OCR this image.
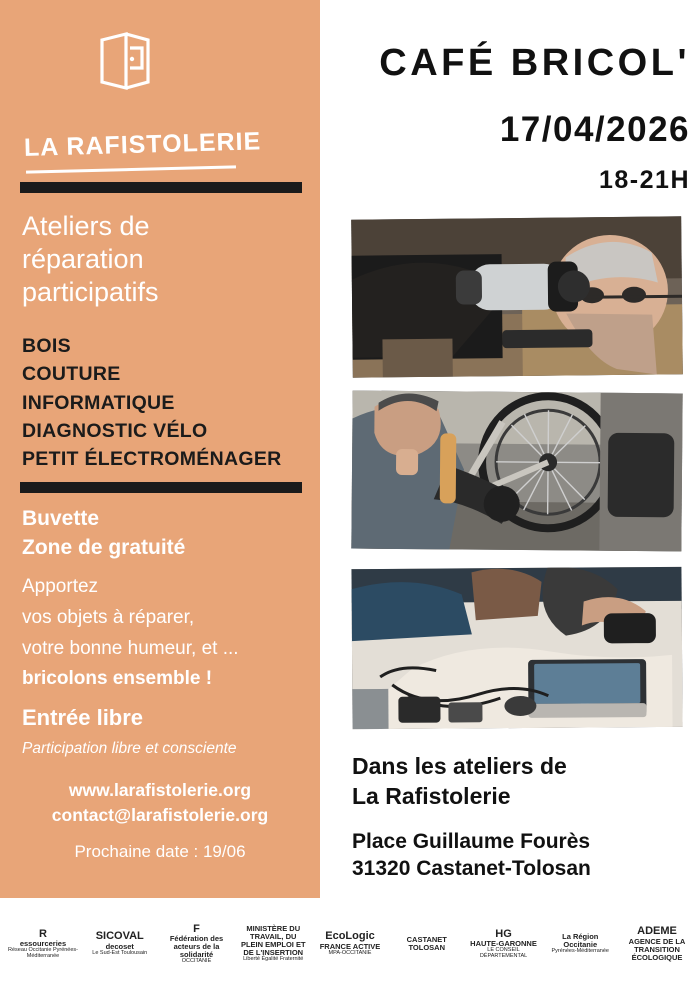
LA RAFISTOLERIE
Ateliers de
réparation
participatifs
BOIS
COUTURE
INFORMATIQUE
DIAGNOSTIC VÉLO
PETIT ÉLECTROMÉNAGER
Buvette
Zone de gratuité
Apportez
vos objets à réparer,
votre bonne humeur, et ...
bricolons ensemble !
Entrée libre
Participation libre et consciente
www.larafistolerie.org
contact@larafistolerie.org
Prochaine date : 19/06
CAFÉ BRICOL'
17/04/2026
18-21H
Dans les ateliers de
La Rafistolerie
Place Guillaume Fourès
31320 Castanet-Tolosan
R
essourceries
Réseau Occitanie Pyrénées-Méditerranée
SICOVAL
decoset
Le Sud-Est Toulousain
F
Fédération des acteurs de la solidarité
OCCITANIE
MINISTÈRE DU TRAVAIL, DU PLEIN EMPLOI ET DE L'INSERTION
Liberté Égalité Fraternité
EcoLogic
FRANCE ACTIVE
MPA-OCCITANIE
CASTANET TOLOSAN
HG
HAUTE-GARONNE
LE CONSEIL DÉPARTEMENTAL
La Région Occitanie
Pyrénées-Méditerranée
ADEME
AGENCE DE LA TRANSITION ÉCOLOGIQUE
